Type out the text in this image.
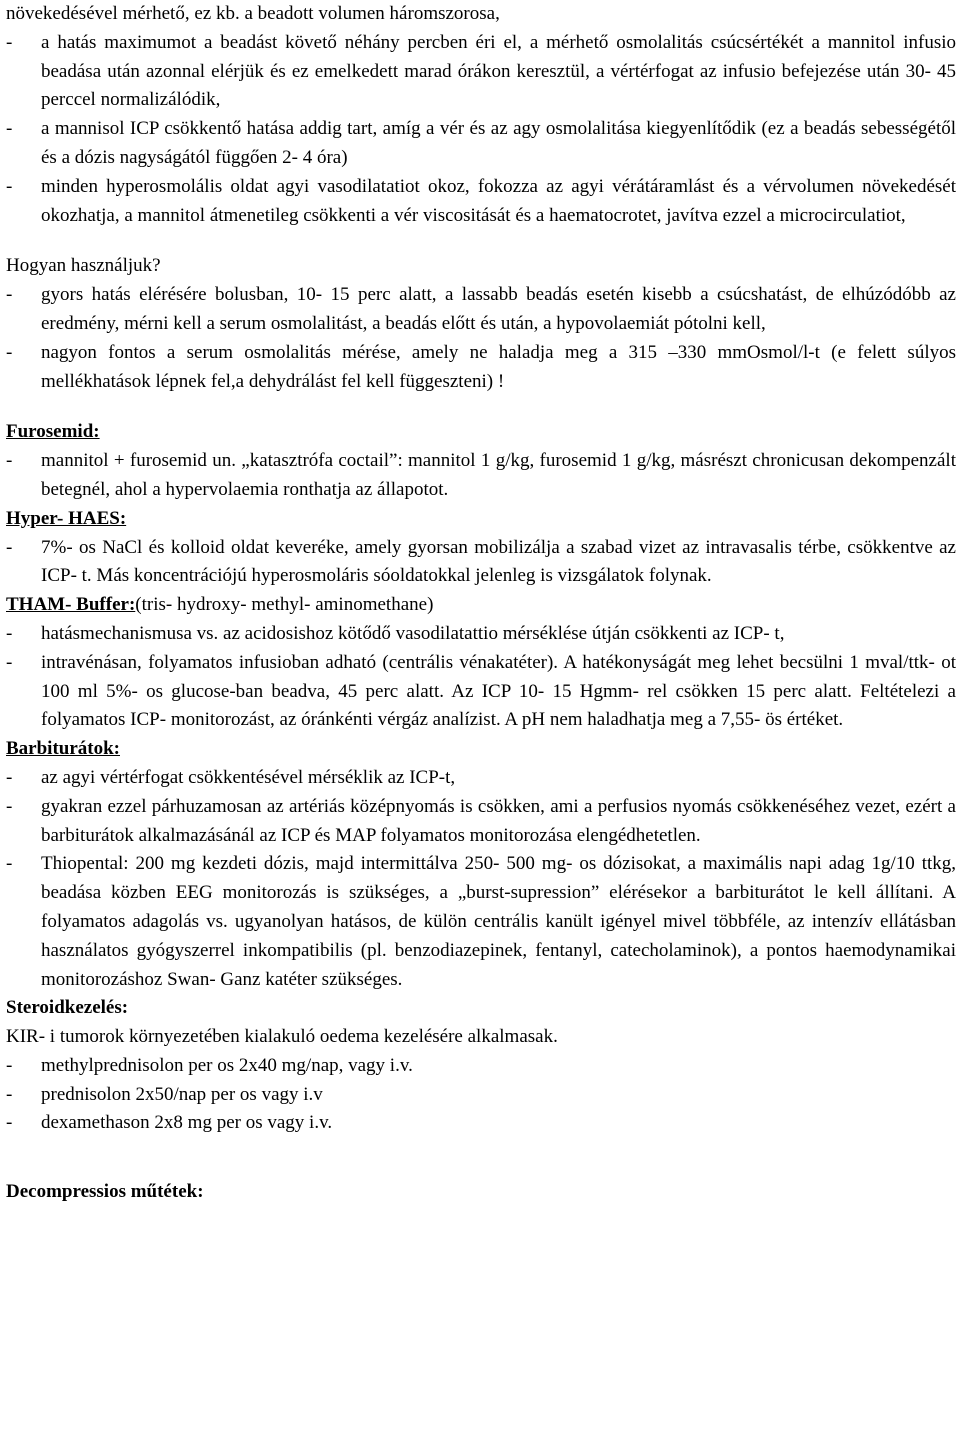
növekedésével mérhető, ez kb. a beadott volumen háromszorosa,

- a hatás maximumot a beadást követő néhány percben éri el, a mérhető osmolalitás csúcsértékét a mannitol infusio beadása után azonnal elérjük és ez emelkedett marad órákon keresztül, a vértérfogat az infusio befejezése után 30- 45 perccel normalizálódik,
- a mannisol ICP csökkentő hatása addig tart, amíg a vér és az agy osmolalitása kiegyenlítődik (ez a beadás sebességétől és a dózis nagyságától függően 2- 4 óra)
- minden hyperosmolális oldat agyi vasodilatatiot okoz, fokozza az agyi vérátáramlást és a vérvolumen növekedését okozhatja, a mannitol átmenetileg csökkenti a vér viscositását és a haematocrotet, javítva ezzel a microcirculatiot,

Hogyan használjuk?

- gyors hatás elérésére bolusban, 10- 15 perc alatt, a lassabb beadás esetén kisebb a csúcshatást, de elhúzódóbb az eredmény, mérni kell a serum osmolalitást, a beadás előtt és után, a hypovolaemiát pótolni kell,
- nagyon fontos a serum osmolalitás mérése, amely ne haladja meg a 315 –330 mmOsmol/l-t (e felett súlyos mellékhatások lépnek fel,a dehydrálást fel kell függeszteni) !

Furosemid:

- mannitol + furosemid un. „katasztrófa coctail”: mannitol 1 g/kg, furosemid 1 g/kg, másrészt chronicusan dekompenzált betegnél, ahol a hypervolaemia ronthatja az állapotot.

Hyper- HAES:

- 7%- os NaCl és kolloid oldat keveréke, amely gyorsan mobilizálja a szabad vizet az intravasalis térbe, csökkentve az ICP- t. Más koncentrációjú hyperosmoláris sóoldatokkal jelenleg is vizsgálatok folynak.

THAM- Buffer:(tris- hydroxy- methyl- aminomethane)

- hatásmechanismusa vs. az acidosishoz kötődő vasodilatattio mérséklése útján csökkenti az ICP- t,
- intravénásan, folyamatos infusioban adható (centrális vénakatéter). A hatékonyságát meg lehet becsülni 1 mval/ttk- ot 100 ml 5%- os glucose-ban beadva, 45 perc alatt. Az ICP 10- 15 Hgmm- rel csökken 15 perc alatt. Feltételezi a folyamatos ICP- monitorozást, az óránkénti vérgáz analízist. A pH nem haladhatja meg a 7,55- ös értéket.

Barbiturátok:

- az agyi vértérfogat csökkentésével mérséklik az ICP-t,
- gyakran ezzel párhuzamosan az artériás középnyomás is csökken, ami a perfusios nyomás csökkenéséhez vezet, ezért a barbiturátok alkalmazásánál az ICP és MAP folyamatos monitorozása elengédhetetlen.
- Thiopental: 200 mg kezdeti dózis, majd intermittálva 250- 500 mg- os dózisokat, a maximális napi adag 1g/10 ttkg, beadása közben EEG monitorozás is szükséges, a „burst-supression” elérésekor a barbiturátot le kell állítani. A folyamatos adagolás vs. ugyanolyan hatásos, de külön centrális kanült igényel mivel többféle, az intenzív ellátásban használatos gyógyszerrel inkompatibilis (pl. benzodiazepinek, fentanyl, catecholaminok), a pontos haemodynamikai monitorozáshoz Swan- Ganz katéter szükséges.

Steroidkezelés:

KIR- i tumorok környezetében kialakuló oedema kezelésére alkalmasak.

- methylprednisolon per os 2x40 mg/nap, vagy i.v.
- prednisolon 2x50/nap per os vagy i.v
- dexamethason 2x8 mg per os vagy i.v.

Decompressios műtétek:
